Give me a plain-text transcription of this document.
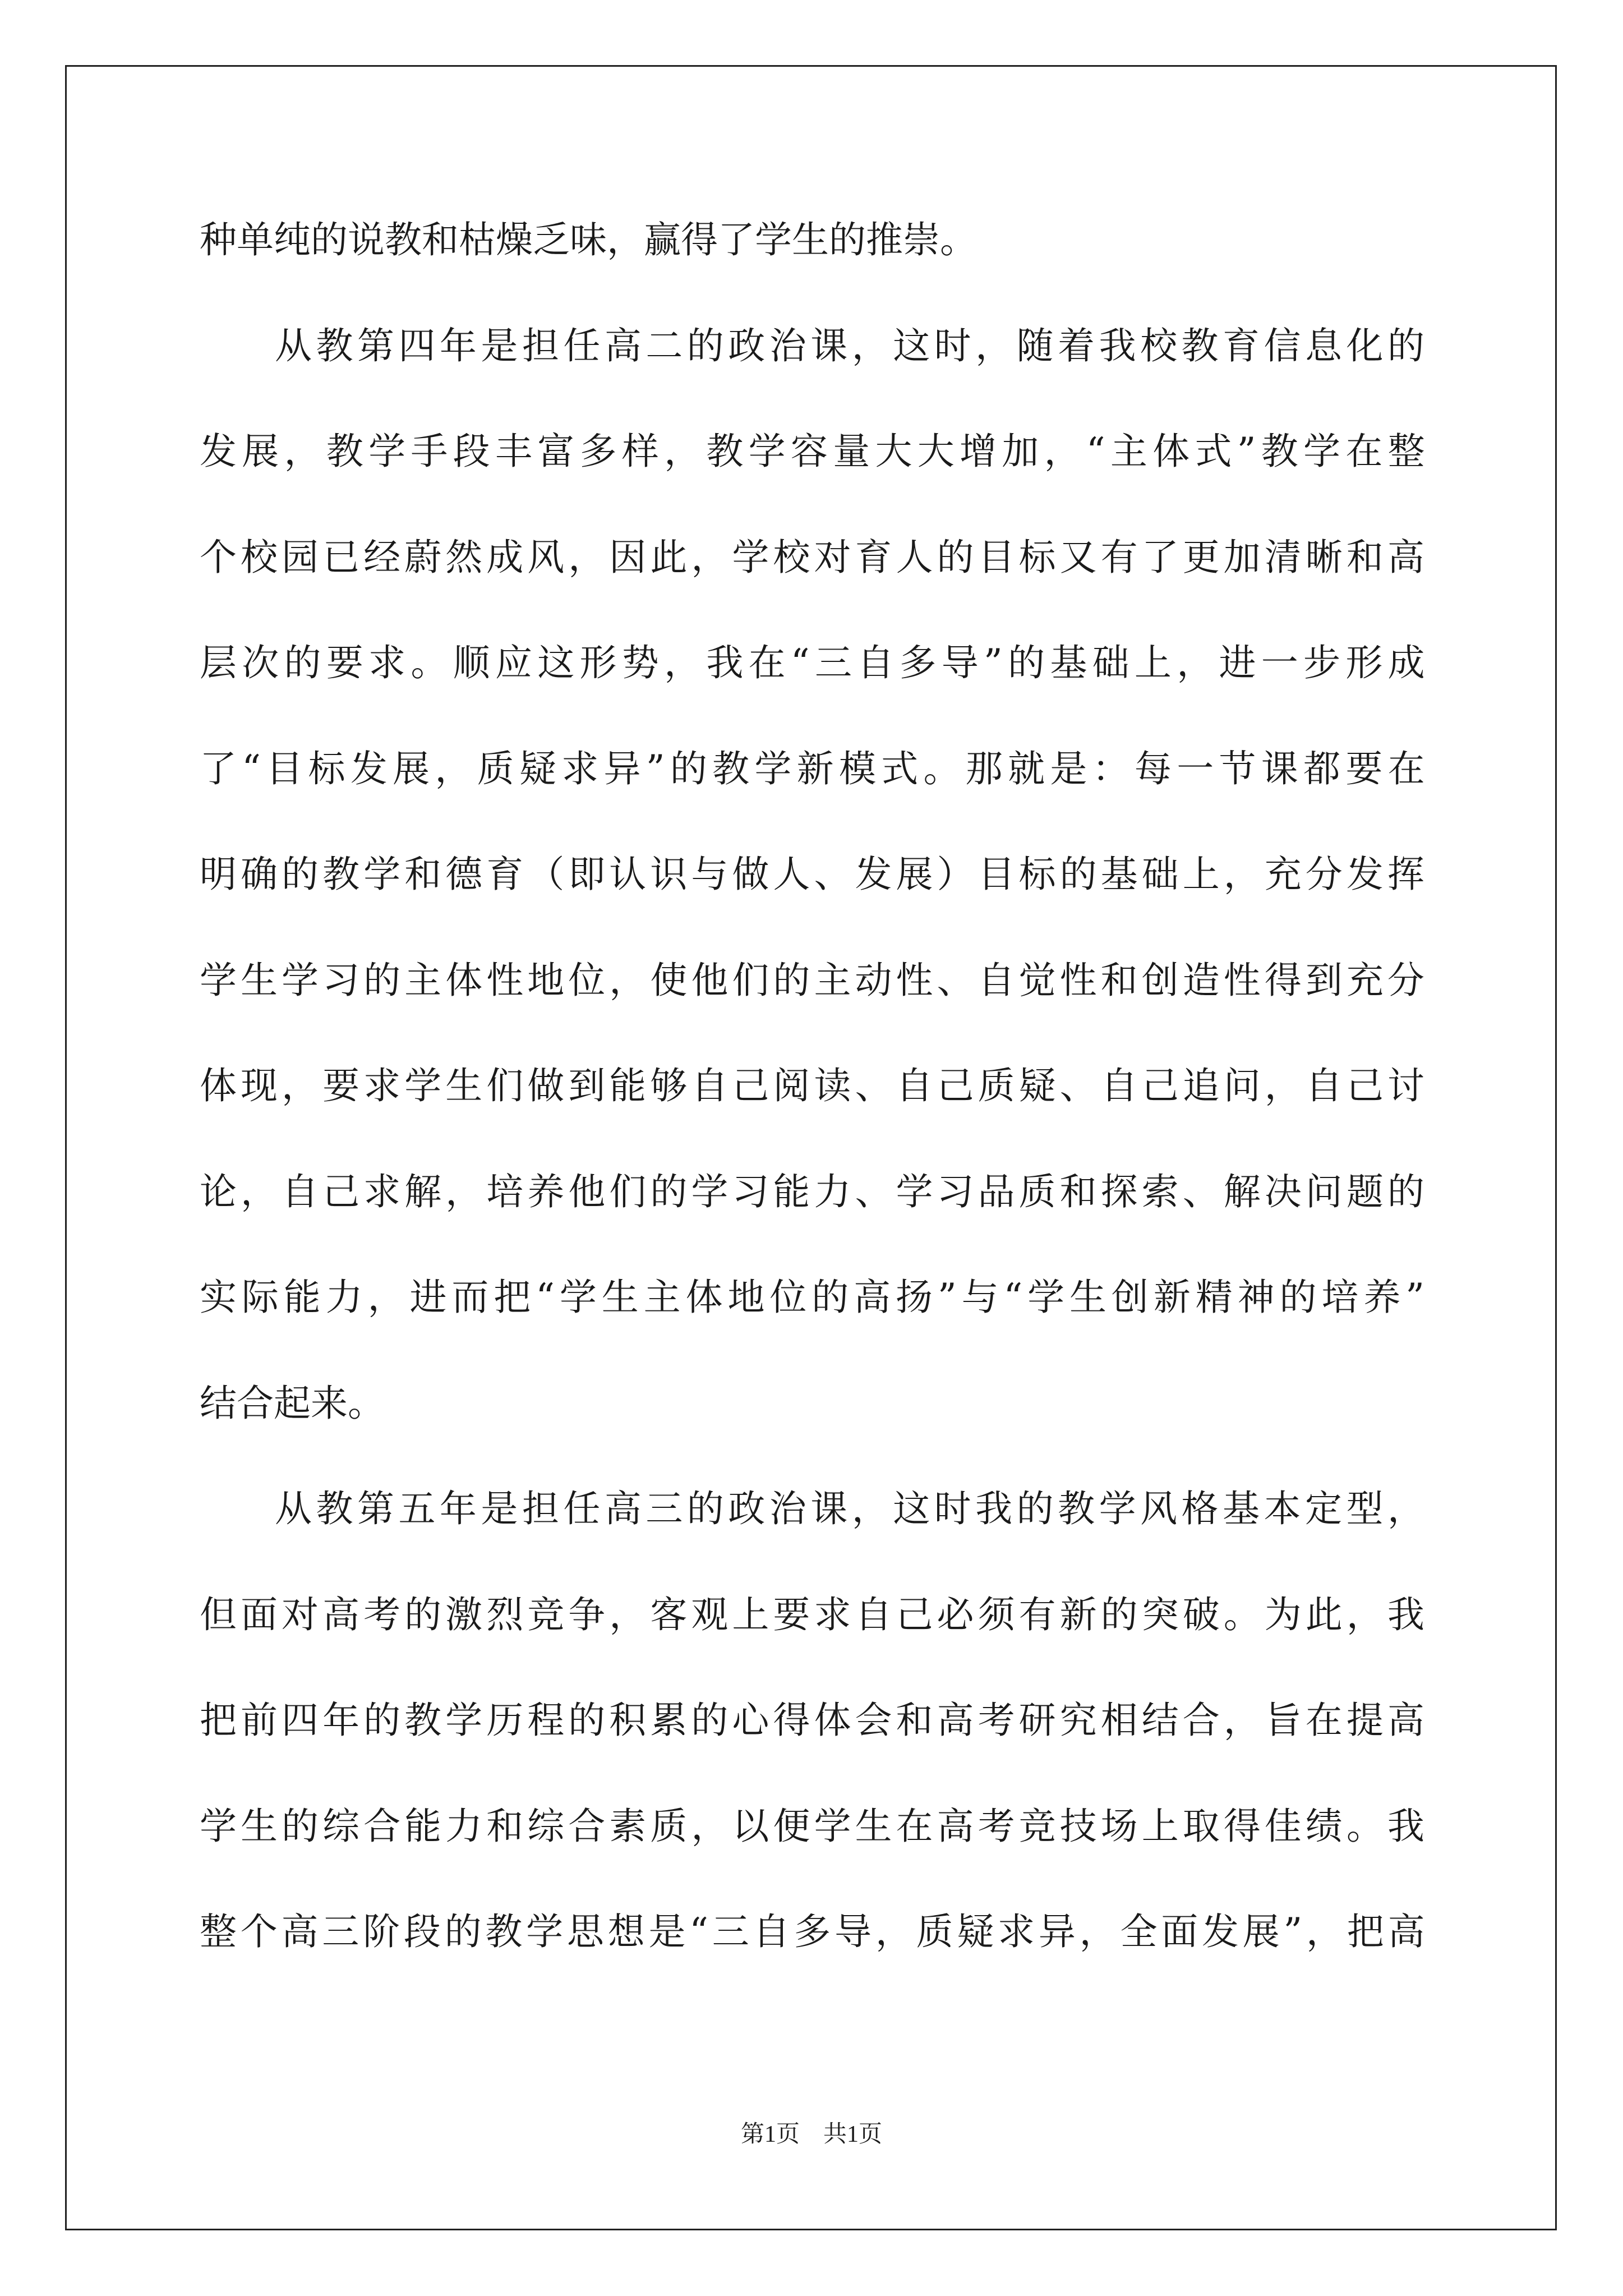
种单纯的说教和枯燥乏味，赢得了学生的推崇。
从教第四年是担任高二的政治课，这时，随着我校教育信息化的
发展，教学手段丰富多样，教学容量大大增加，“主体式”教学在整
个校园已经蔚然成风，因此，学校对育人的目标又有了更加清晰和高
层次的要求。顺应这形势，我在“三自多导”的基础上，进一步形成
了“目标发展，质疑求异”的教学新模式。那就是：每一节课都要在
明确的教学和德育（即认识与做人、发展）目标的基础上，充分发挥
学生学习的主体性地位，使他们的主动性、自觉性和创造性得到充分
体现，要求学生们做到能够自己阅读、自己质疑、自己追问，自己讨
论，自己求解，培养他们的学习能力、学习品质和探索、解决问题的
实际能力，进而把“学生主体地位的高扬”与“学生创新精神的培养”
结合起来。
从教第五年是担任高三的政治课，这时我的教学风格基本定型，
但面对高考的激烈竞争，客观上要求自己必须有新的突破。为此，我
把前四年的教学历程的积累的心得体会和高考研究相结合，旨在提高
学生的综合能力和综合素质，以便学生在高考竞技场上取得佳绩。我
整个高三阶段的教学思想是“三自多导，质疑求异，全面发展”，把高
第1页　共1页
